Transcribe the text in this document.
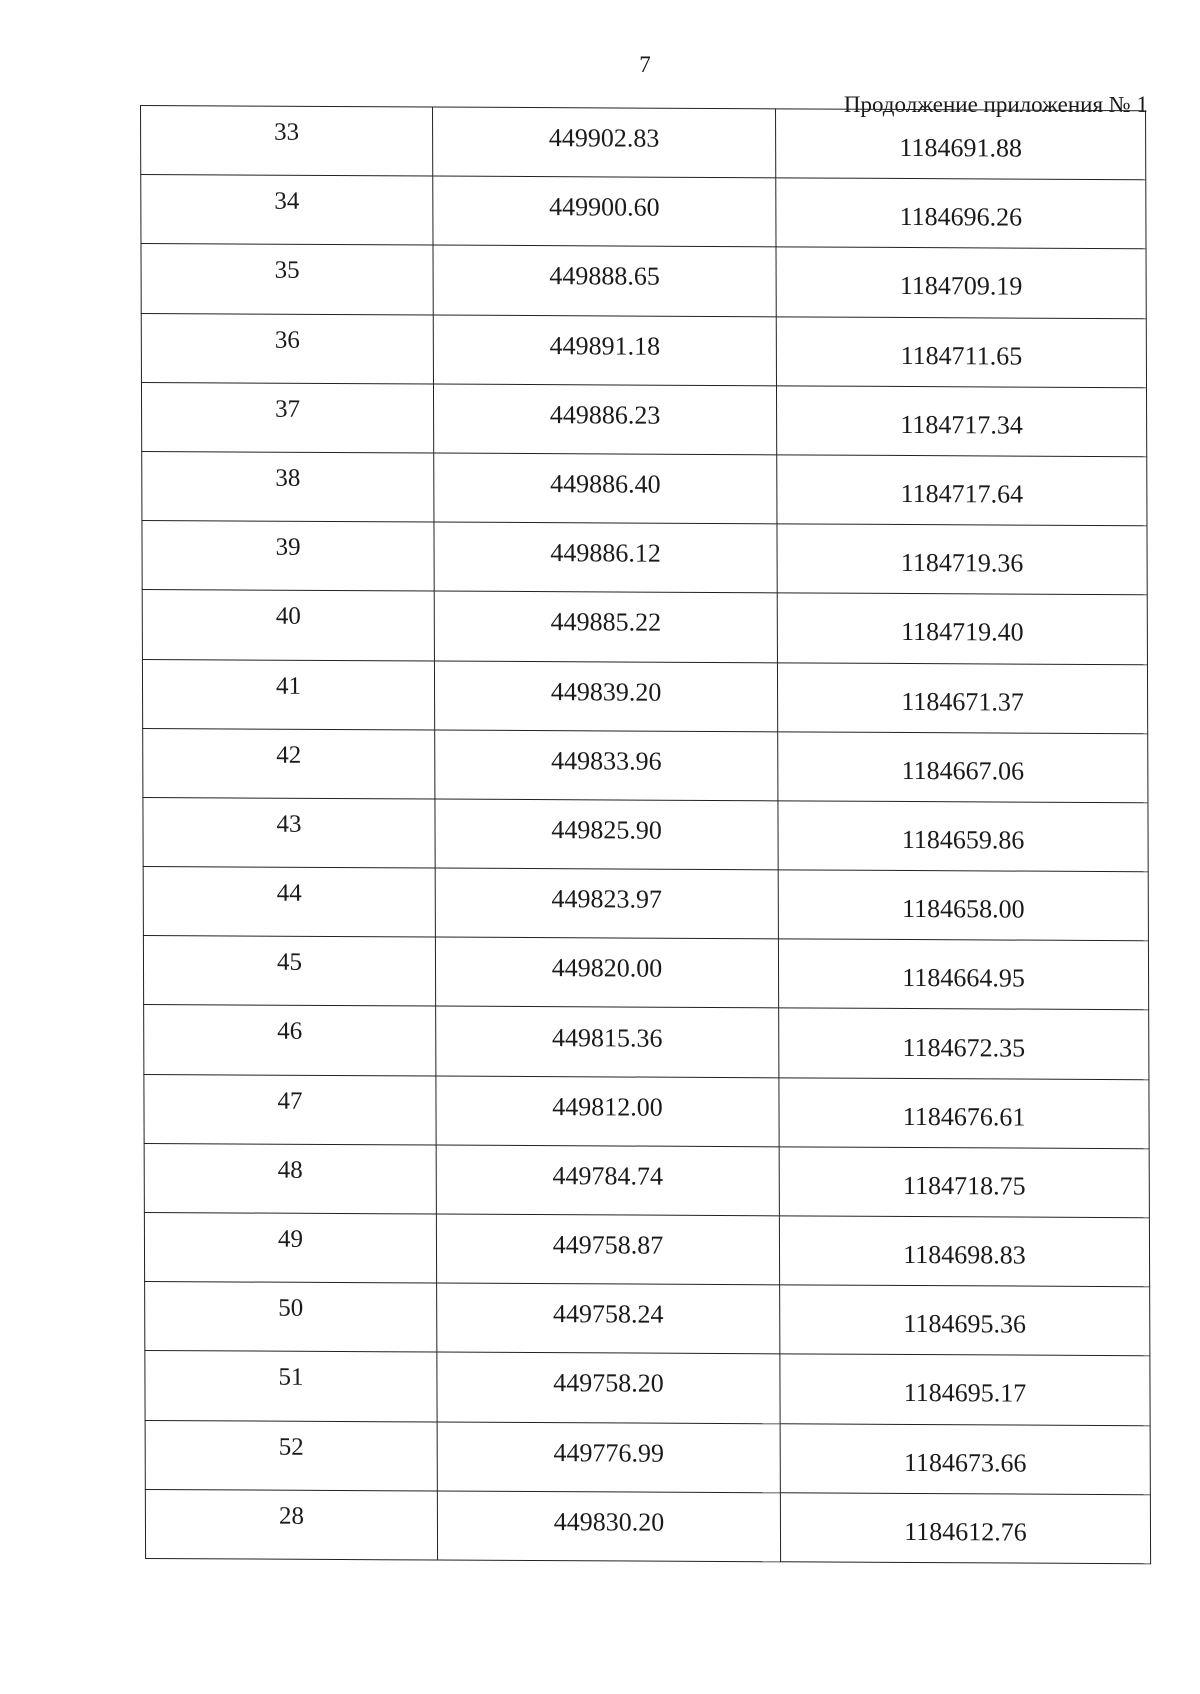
7
Продолжение приложения № 1
33	449902.83	1184691.88
34	449900.60	1184696.26
35	449888.65	1184709.19
36	449891.18	1184711.65
37	449886.23	1184717.34
38	449886.40	1184717.64
39	449886.12	1184719.36
40	449885.22	1184719.40
41	449839.20	1184671.37
42	449833.96	1184667.06
43	449825.90	1184659.86
44	449823.97	1184658.00
45	449820.00	1184664.95
46	449815.36	1184672.35
47	449812.00	1184676.61
48	449784.74	1184718.75
49	449758.87	1184698.83
50	449758.24	1184695.36
51	449758.20	1184695.17
52	449776.99	1184673.66
28	449830.20	1184612.76
